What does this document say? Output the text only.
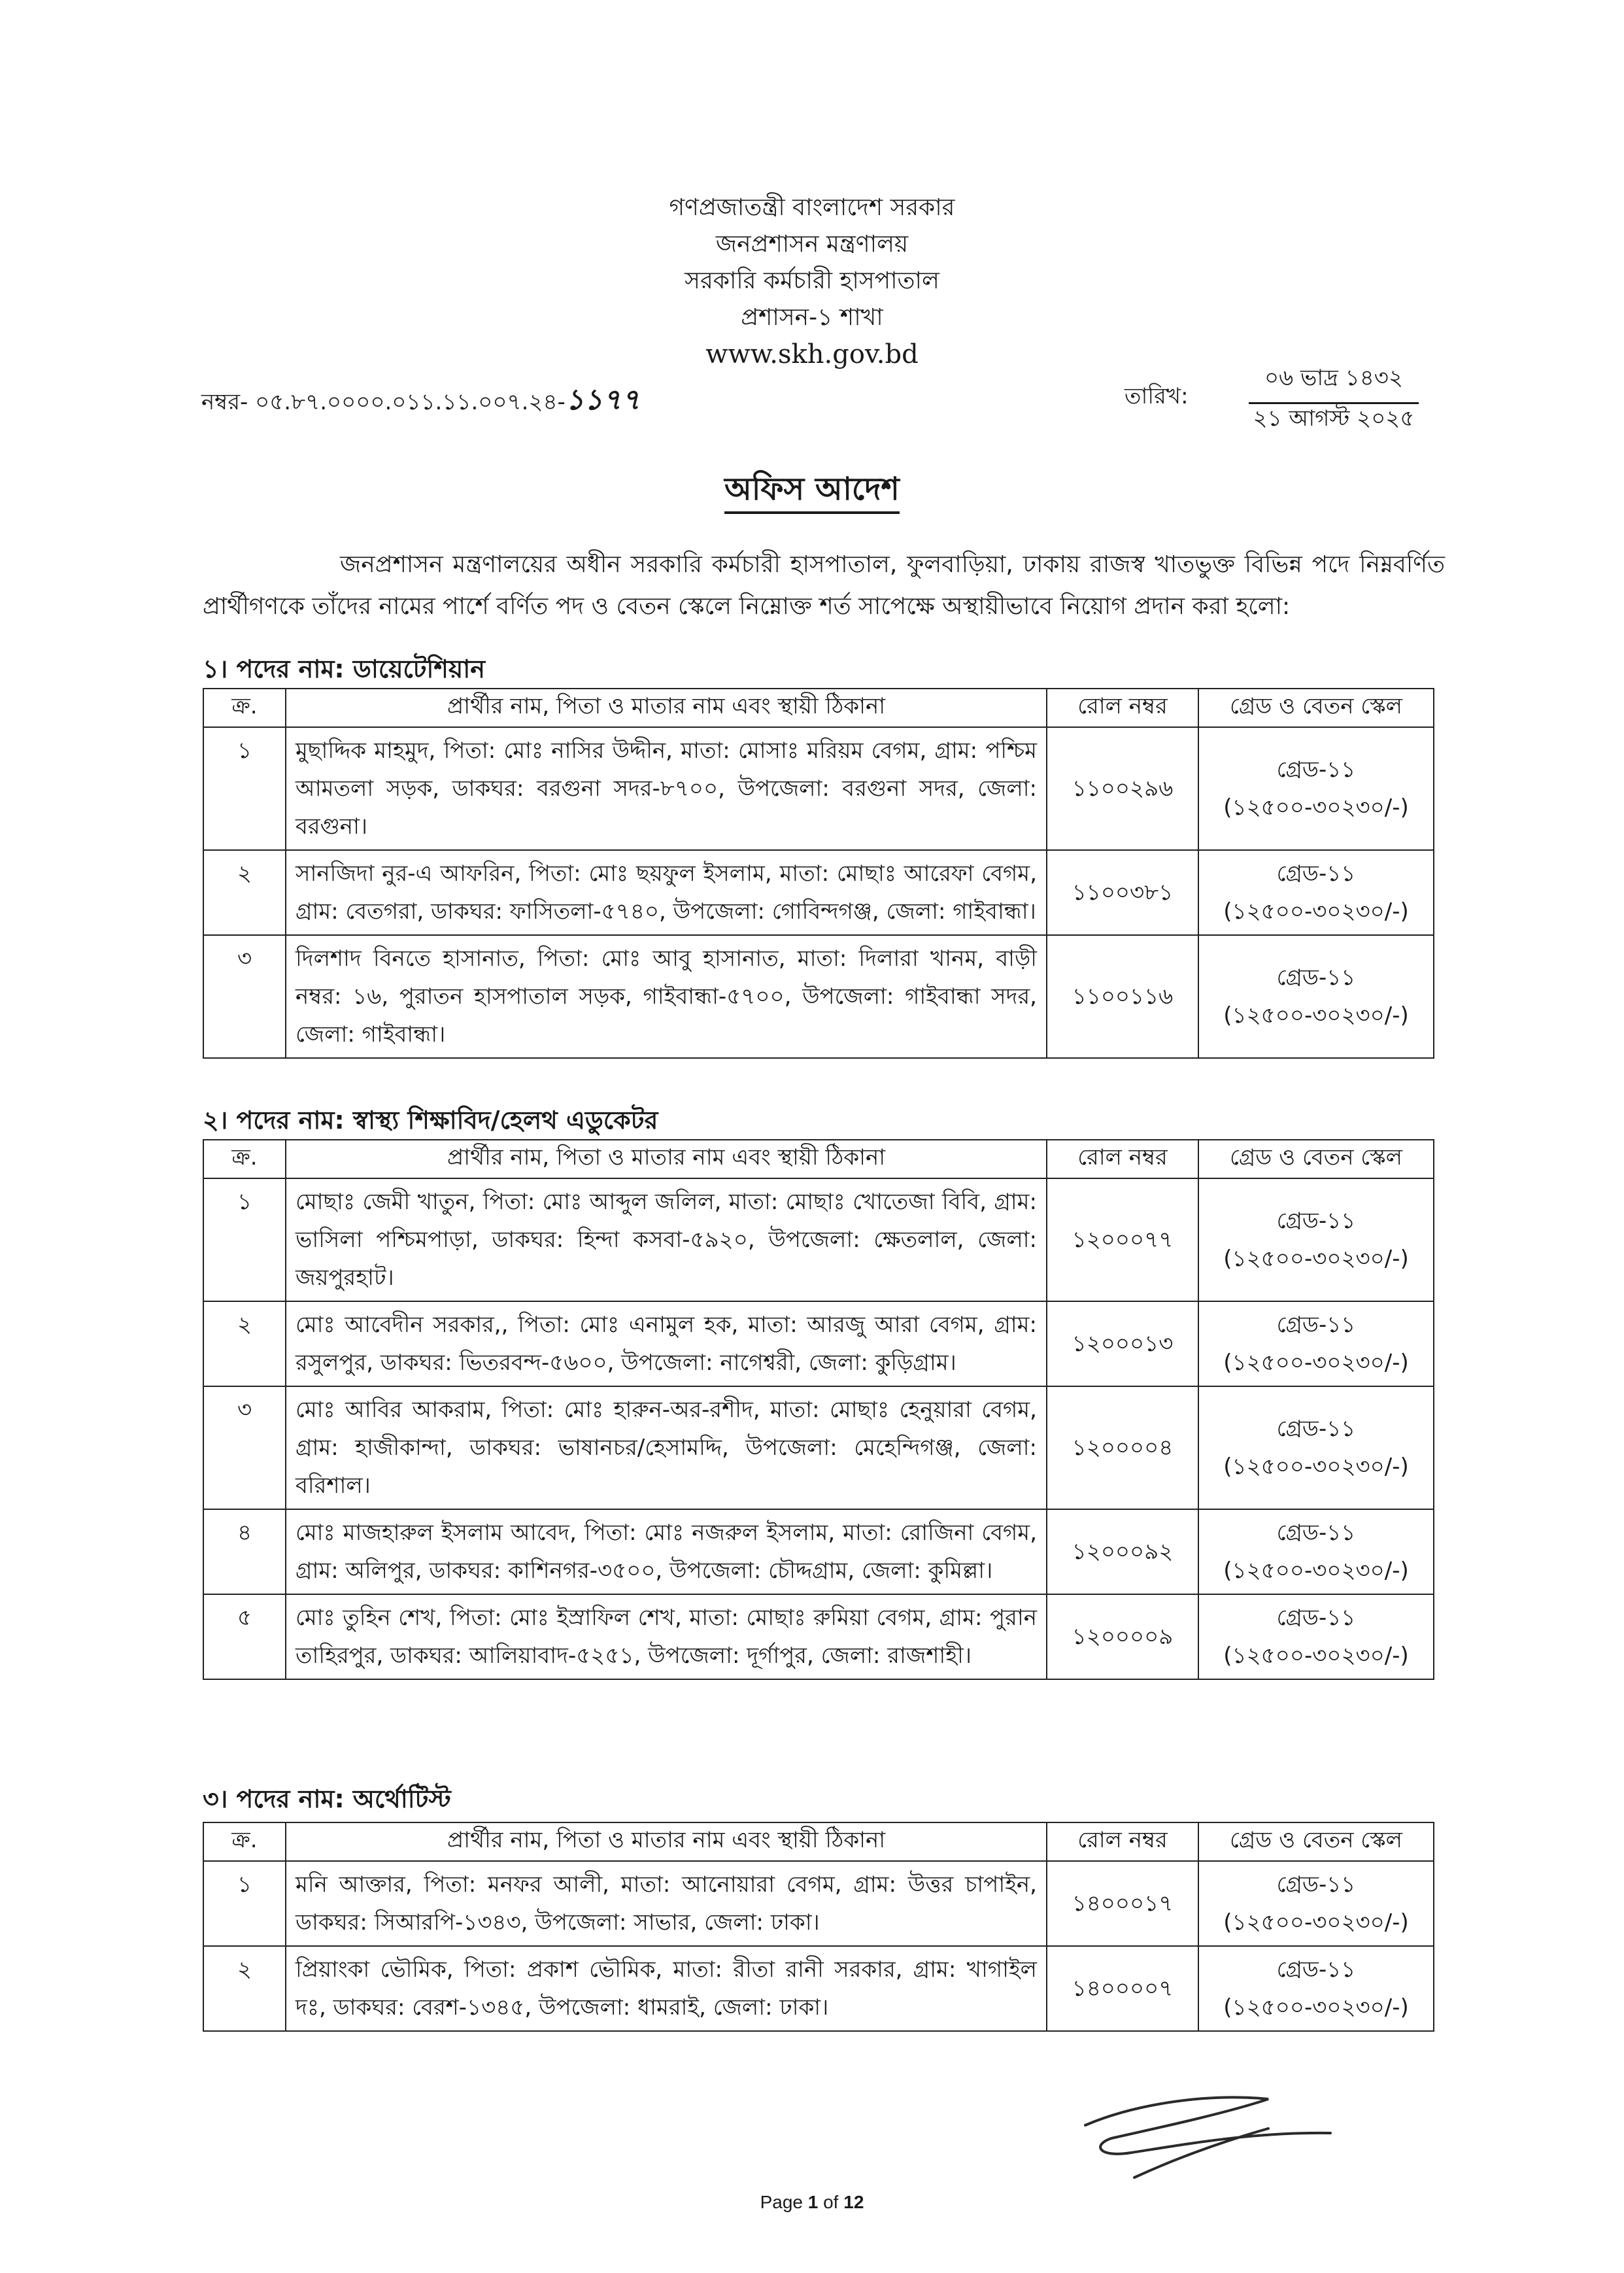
গণপ্রজাতন্ত্রী বাংলাদেশ সরকার
জনপ্রশাসন মন্ত্রণালয়
সরকারি কর্মচারী হাসপাতাল
প্রশাসন-১ শাখা
www.skh.gov.bd
নম্বর- ০৫.৮৭.০০০০.০১১.১১.০০৭.২৪-১১৭৭	তারিখ:
০৬ ভাদ্র ১৪৩২
২১ আগস্ট ২০২৫
অফিস আদেশ
জনপ্রশাসন মন্ত্রণালয়ের অধীন সরকারি কর্মচারী হাসপাতাল, ফুলবাড়িয়া, ঢাকায় রাজস্ব খাতভুক্ত বিভিন্ন পদে নিম্নবর্ণিত প্রার্থীগণকে তাঁদের নামের পার্শে বর্ণিত পদ ও বেতন স্কেলে নিম্নোক্ত শর্ত সাপেক্ষে অস্থায়ীভাবে নিয়োগ প্রদান করা হলো:
১। পদের নাম: ডায়েটেশিয়ান
ক্র.	প্রার্থীর নাম, পিতা ও মাতার নাম এবং স্থায়ী ঠিকানা	রোল নম্বর	গ্রেড ও বেতন স্কেল
১	মুছাদ্দিক মাহমুদ, পিতা: মোঃ নাসির উদ্দীন, মাতা: মোসাঃ মরিয়ম বেগম, গ্রাম: পশ্চিম আমতলা সড়ক, ডাকঘর: বরগুনা সদর-৮৭০০, উপজেলা: বরগুনা সদর, জেলা: বরগুনা।	১১০০২৯৬	গ্রেড-১১
(১২৫০০-৩০২৩০/-)

২	সানজিদা নুর-এ আফরিন, পিতা: মোঃ ছয়ফুল ইসলাম, মাতা: মোছাঃ আরেফা বেগম, গ্রাম: বেতগরা, ডাকঘর: ফাসিতলা-৫৭৪০, উপজেলা: গোবিন্দগঞ্জ, জেলা: গাইবান্ধা।	১১০০৩৮১	গ্রেড-১১
(১২৫০০-৩০২৩০/-)

৩	দিলশাদ বিনতে হাসানাত, পিতা: মোঃ আবু হাসানাত, মাতা: দিলারা খানম, বাড়ী নম্বর: ১৬, পুরাতন হাসপাতাল সড়ক, গাইবান্ধা-৫৭০০, উপজেলা: গাইবান্ধা সদর, জেলা: গাইবান্ধা।	১১০০১১৬	গ্রেড-১১
(১২৫০০-৩০২৩০/-)
২। পদের নাম: স্বাস্থ্য শিক্ষাবিদ/হেলথ এডুকেটর
ক্র.	প্রার্থীর নাম, পিতা ও মাতার নাম এবং স্থায়ী ঠিকানা	রোল নম্বর	গ্রেড ও বেতন স্কেল
১	মোছাঃ জেমী খাতুন, পিতা: মোঃ আব্দুল জলিল, মাতা: মোছাঃ খোতেজা বিবি, গ্রাম: ভাসিলা পশ্চিমপাড়া, ডাকঘর: হিন্দা কসবা-৫৯২০, উপজেলা: ক্ষেতলাল, জেলা: জয়পুরহাট।	১২০০০৭৭	গ্রেড-১১
(১২৫০০-৩০২৩০/-)

২	মোঃ আবেদীন সরকার,, পিতা: মোঃ এনামুল হক, মাতা: আরজু আরা বেগম, গ্রাম: রসুলপুর, ডাকঘর: ভিতরবন্দ-৫৬০০, উপজেলা: নাগেশ্বরী, জেলা: কুড়িগ্রাম।	১২০০০১৩	গ্রেড-১১
(১২৫০০-৩০২৩০/-)

৩	মোঃ আবির আকরাম, পিতা: মোঃ হারুন-অর-রশীদ, মাতা: মোছাঃ হেনুয়ারা বেগম, গ্রাম: হাজীকান্দা, ডাকঘর: ভাষানচর/হেসামদ্দি, উপজেলা: মেহেন্দিগঞ্জ, জেলা: বরিশাল।	১২০০০০৪	গ্রেড-১১
(১২৫০০-৩০২৩০/-)

৪	মোঃ মাজহারুল ইসলাম আবেদ, পিতা: মোঃ নজরুল ইসলাম, মাতা: রোজিনা বেগম, গ্রাম: অলিপুর, ডাকঘর: কাশিনগর-৩৫০০, উপজেলা: চৌদ্দগ্রাম, জেলা: কুমিল্লা।	১২০০০৯২	গ্রেড-১১
(১২৫০০-৩০২৩০/-)

৫	মোঃ তুহিন শেখ, পিতা: মোঃ ইস্রাফিল শেখ, মাতা: মোছাঃ রুমিয়া বেগম, গ্রাম: পুরান তাহিরপুর, ডাকঘর: আলিয়াবাদ-৫২৫১, উপজেলা: দূর্গাপুর, জেলা: রাজশাহী।	১২০০০০৯	গ্রেড-১১
(১২৫০০-৩০২৩০/-)
৩। পদের নাম: অর্থোটিস্ট
ক্র.	প্রার্থীর নাম, পিতা ও মাতার নাম এবং স্থায়ী ঠিকানা	রোল নম্বর	গ্রেড ও বেতন স্কেল
১	মনি আক্তার, পিতা: মনফর আলী, মাতা: আনোয়ারা বেগম, গ্রাম: উত্তর চাপাইন, ডাকঘর: সিআরপি-১৩৪৩, উপজেলা: সাভার, জেলা: ঢাকা।	১৪০০০১৭	গ্রেড-১১
(১২৫০০-৩০২৩০/-)

২	প্রিয়াংকা ভৌমিক, পিতা: প্রকাশ ভৌমিক, মাতা: রীতা রানী সরকার, গ্রাম: খাগাইল দঃ, ডাকঘর: বেরশ-১৩৪৫, উপজেলা: ধামরাই, জেলা: ঢাকা।	১৪০০০০৭	গ্রেড-১১
(১২৫০০-৩০২৩০/-)
Page 1 of 12
